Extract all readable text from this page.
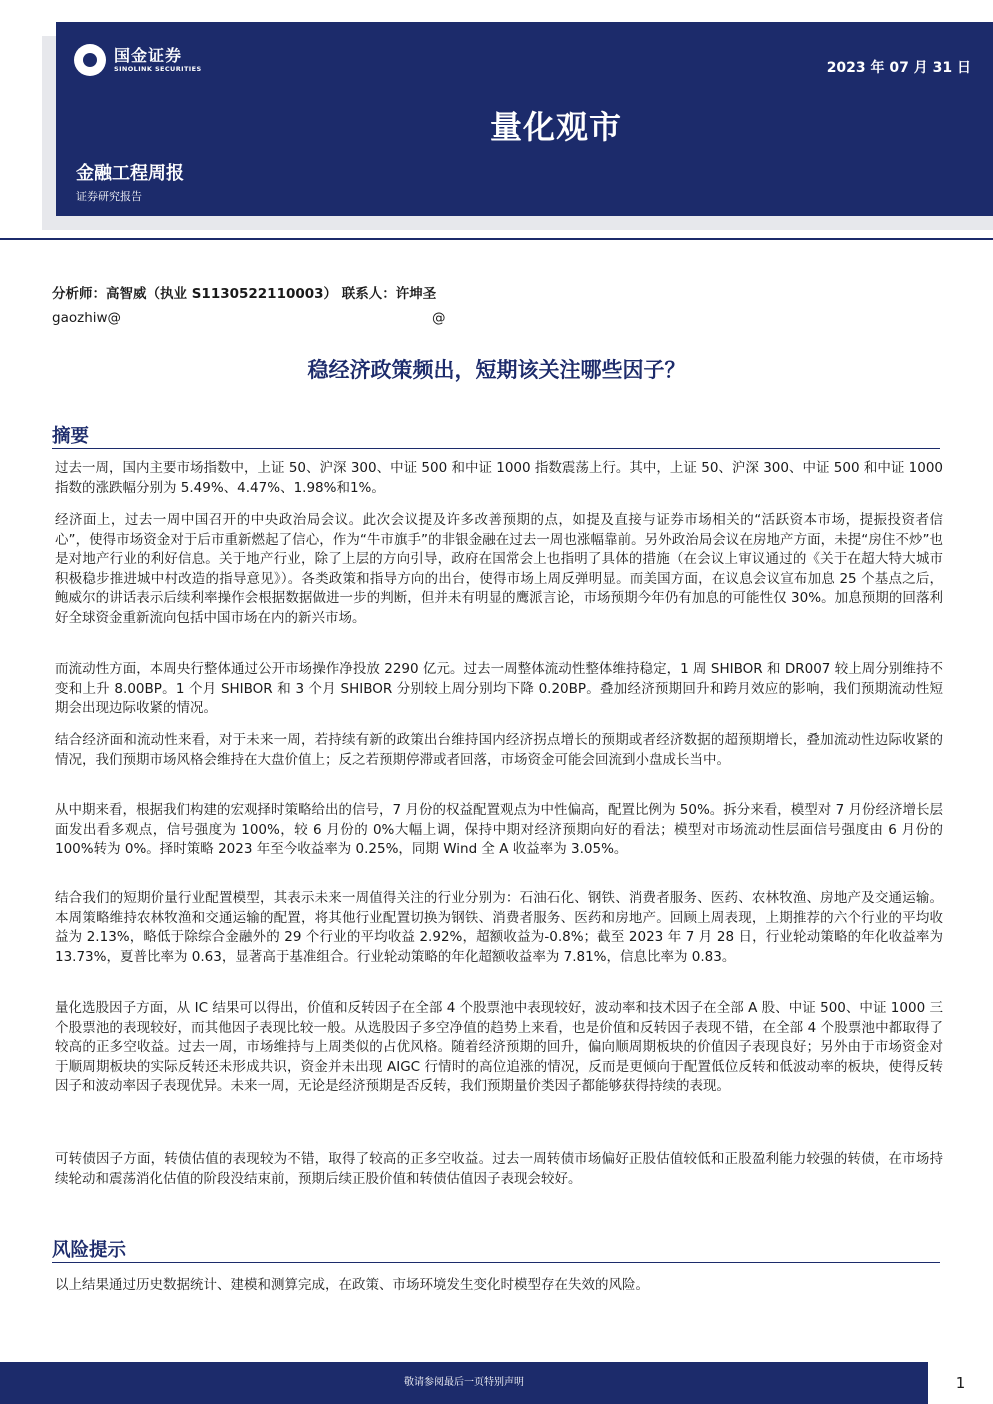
国金证券
SINOLINK SECURITIES	2023 年 07 月 31 日
量化观市
金融工程周报
证券研究报告
分析师：高智威（执业 S1130522110003） 联系人：许坤圣
gaozhiw@	@
稳经济政策频出，短期该关注哪些因子？
摘要
过去一周，国内主要市场指数中，上证 50、沪深 300、中证 500 和中证 1000 指数震荡上行。其中，上证 50、沪深 300、中证 500 和中证 1000 指数的涨跌幅分别为 5.49%、4.47%、1.98%和1%。
经济面上，过去一周中国召开的中央政治局会议。此次会议提及许多改善预期的点，如提及直接与证券市场相关的“活跃资本市场，提振投资者信心”，使得市场资金对于后市重新燃起了信心，作为“牛市旗手”的非银金融在过去一周也涨幅靠前。另外政治局会议在房地产方面，未提“房住不炒”也是对地产行业的利好信息。关于地产行业，除了上层的方向引导，政府在国常会上也指明了具体的措施（在会议上审议通过的《关于在超大特大城市积极稳步推进城中村改造的指导意见》）。各类政策和指导方向的出台，使得市场上周反弹明显。而美国方面，在议息会议宣布加息 25 个基点之后，鲍威尔的讲话表示后续利率操作会根据数据做进一步的判断，但并未有明显的鹰派言论，市场预期今年仍有加息的可能性仅 30%。加息预期的回落利好全球资金重新流向包括中国市场在内的新兴市场。
而流动性方面，本周央行整体通过公开市场操作净投放 2290 亿元。过去一周整体流动性整体维持稳定，1 周 SHIBOR 和 DR007 较上周分别维持不变和上升 8.00BP。1 个月 SHIBOR 和 3 个月 SHIBOR 分别较上周分别均下降 0.20BP。叠加经济预期回升和跨月效应的影响，我们预期流动性短期会出现边际收紧的情况。
结合经济面和流动性来看，对于未来一周，若持续有新的政策出台维持国内经济拐点增长的预期或者经济数据的超预期增长，叠加流动性边际收紧的情况，我们预期市场风格会维持在大盘价值上；反之若预期停滞或者回落，市场资金可能会回流到小盘成长当中。
从中期来看，根据我们构建的宏观择时策略给出的信号，7 月份的权益配置观点为中性偏高，配置比例为 50%。拆分来看，模型对 7 月份经济增长层面发出看多观点，信号强度为 100%，较 6 月份的 0%大幅上调，保持中期对经济预期向好的看法；模型对市场流动性层面信号强度由 6 月份的 100%转为 0%。择时策略 2023 年至今收益率为 0.25%，同期 Wind 全 A 收益率为 3.05%。
结合我们的短期价量行业配置模型，其表示未来一周值得关注的行业分别为：石油石化、钢铁、消费者服务、医药、农林牧渔、房地产及交通运输。本周策略维持农林牧渔和交通运输的配置，将其他行业配置切换为钢铁、消费者服务、医药和房地产。回顾上周表现，上期推荐的六个行业的平均收益为 2.13%，略低于除综合金融外的 29 个行业的平均收益 2.92%，超额收益为-0.8%；截至 2023 年 7 月 28 日，行业轮动策略的年化收益率为 13.73%，夏普比率为 0.63，显著高于基准组合。行业轮动策略的年化超额收益率为 7.81%，信息比率为 0.83。
量化选股因子方面，从 IC 结果可以得出，价值和反转因子在全部 4 个股票池中表现较好，波动率和技术因子在全部 A 股、中证 500、中证 1000 三个股票池的表现较好，而其他因子表现比较一般。从选股因子多空净值的趋势上来看，也是价值和反转因子表现不错，在全部 4 个股票池中都取得了较高的正多空收益。过去一周，市场维持与上周类似的占优风格。随着经济预期的回升，偏向顺周期板块的价值因子表现良好；另外由于市场资金对于顺周期板块的实际反转还未形成共识，资金并未出现 AIGC 行情时的高位追涨的情况，反而是更倾向于配置低位反转和低波动率的板块，使得反转因子和波动率因子表现优异。未来一周，无论是经济预期是否反转，我们预期量价类因子都能够获得持续的表现。
可转债因子方面，转债估值的表现较为不错，取得了较高的正多空收益。过去一周转债市场偏好正股估值较低和正股盈利能力较强的转债，在市场持续轮动和震荡消化估值的阶段没结束前，预期后续正股价值和转债估值因子表现会较好。
风险提示
以上结果通过历史数据统计、建模和测算完成，在政策、市场环境发生变化时模型存在失效的风险。
敬请参阅最后一页特别声明	1
